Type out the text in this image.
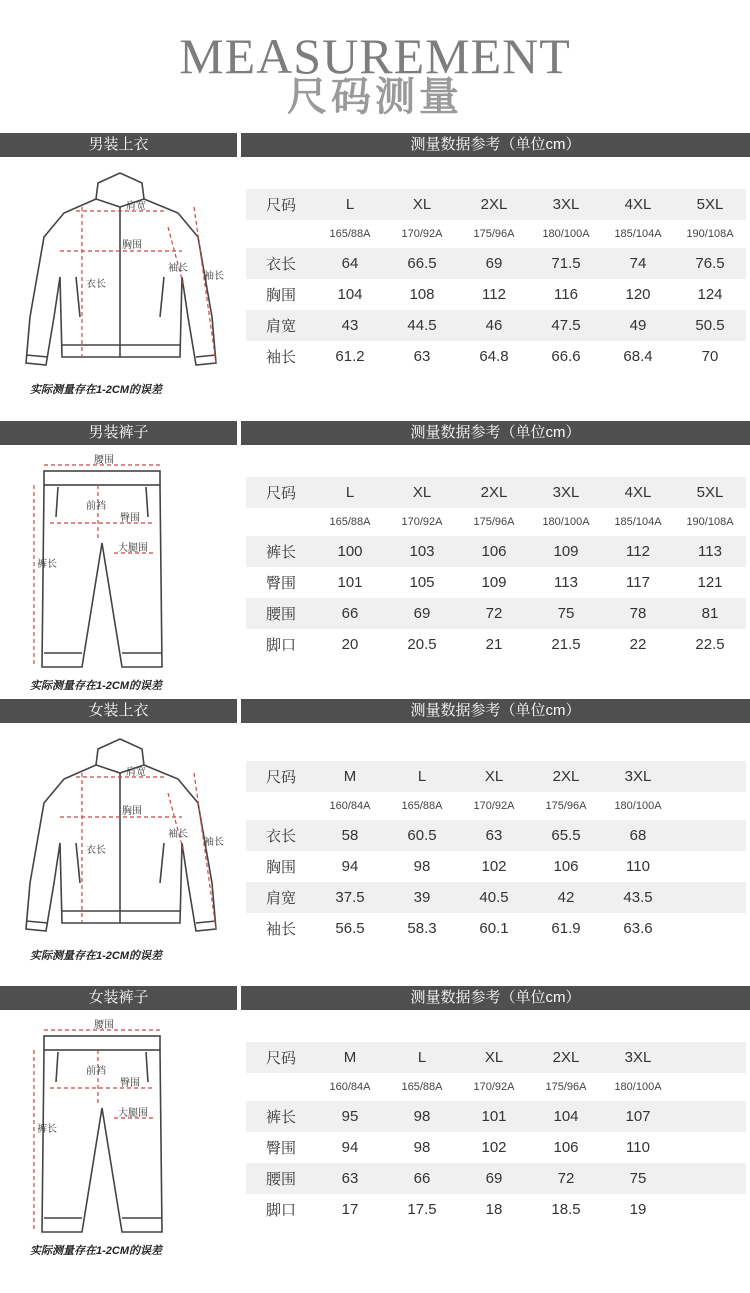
MEASUREMENT
尺码测量
男装上衣	测量数据参考（单位cm）
肩宽
胸围
衣长
袖长
袖长
实际测量存在1-2CM的误差
尺码	L	XL	2XL	3XL	4XL	5XL
	165/88A	170/92A	175/96A	180/100A	185/104A	190/108A
衣长	64	66.5	69	71.5	74	76.5
胸围	104	108	112	116	120	124
肩宽	43	44.5	46	47.5	49	50.5
袖长	61.2	63	64.8	66.6	68.4	70
男装裤子	测量数据参考（单位cm）
腰围
前裆
臀围
大腿围
裤长
实际测量存在1-2CM的误差
尺码	L	XL	2XL	3XL	4XL	5XL
	165/88A	170/92A	175/96A	180/100A	185/104A	190/108A
裤长	100	103	106	109	112	113
臀围	101	105	109	113	117	121
腰围	66	69	72	75	78	81
脚口	20	20.5	21	21.5	22	22.5
女装上衣	测量数据参考（单位cm）
肩宽
胸围
衣长
袖长
袖长
实际测量存在1-2CM的误差
尺码	M	L	XL	2XL	3XL	
	160/84A	165/88A	170/92A	175/96A	180/100A	
衣长	58	60.5	63	65.5	68	
胸围	94	98	102	106	110	
肩宽	37.5	39	40.5	42	43.5	
袖长	56.5	58.3	60.1	61.9	63.6	
女装裤子	测量数据参考（单位cm）
腰围
前裆
臀围
大腿围
裤长
实际测量存在1-2CM的误差
尺码	M	L	XL	2XL	3XL	
	160/84A	165/88A	170/92A	175/96A	180/100A	
裤长	95	98	101	104	107	
臀围	94	98	102	106	110	
腰围	63	66	69	72	75	
脚口	17	17.5	18	18.5	19	
